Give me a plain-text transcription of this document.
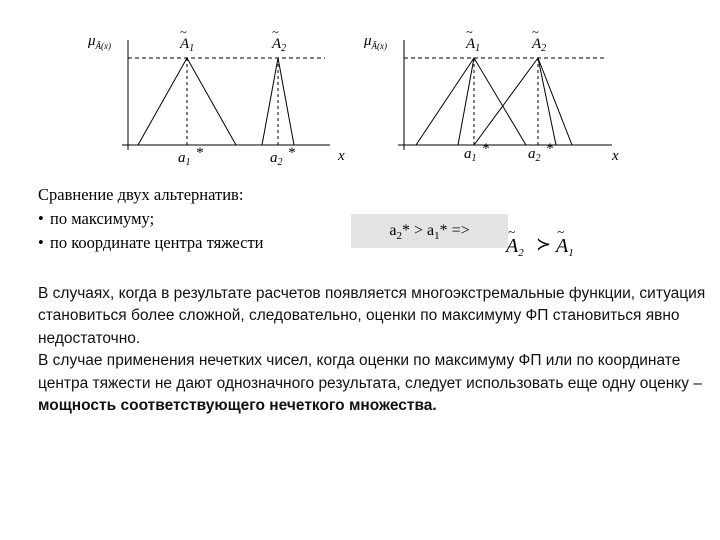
$\mu_{Ã(x)}$	$A_1$
~
$A_2$
~
$a_1*$	$a_2*$	x
$\mu_{Ã(x)}$	$A_1$
~
$A_2$
~
$a_1*$	$a_2*$	x
Сравнение двух альтернатив:
• по максимуму;
• по координате центра тяжести
$a_2* > a_1*$ =>	~
$A_2$ ≻
~
$A_1$

В случаях, когда в результате расчетов появляется многоэкстремальные функции, ситуация становиться более сложной, следовательно, оценки по максимуму ФП становиться явно недостаточно.

В случае применения нечетких чисел, когда оценки по максимуму ФП или по координате центра тяжести не дают однозначного результата, следует использовать еще одну оценку – мощность соответствующего нечеткого множества.
